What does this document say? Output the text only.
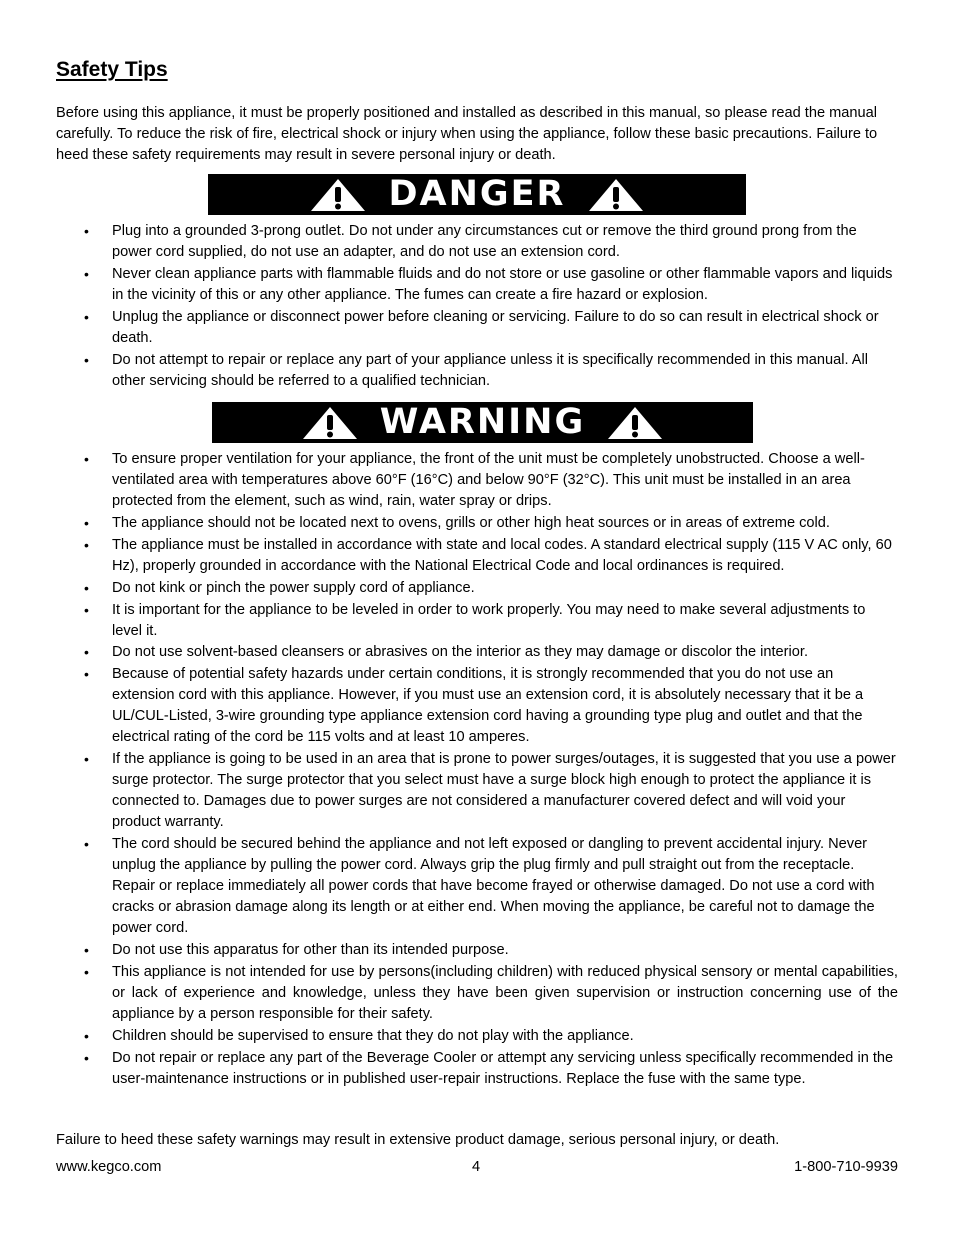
Safety Tips

Before using this appliance, it must be properly positioned and installed as described in this manual, so please read the manual carefully. To reduce the risk of fire, electrical shock or injury when using the appliance, follow these basic precautions. Failure to heed these safety requirements may result in severe personal injury or death.

DANGER
• Plug into a grounded 3-prong outlet. Do not under any circumstances cut or remove the third ground prong from the power cord supplied, do not use an adapter, and do not use an extension cord.
• Never clean appliance parts with flammable fluids and do not store or use gasoline or other flammable vapors and liquids in the vicinity of this or any other appliance. The fumes can create a fire hazard or explosion.
• Unplug the appliance or disconnect power before cleaning or servicing. Failure to do so can result in electrical shock or death.
• Do not attempt to repair or replace any part of your appliance unless it is specifically recommended in this manual. All other servicing should be referred to a qualified technician.
WARNING
• To ensure proper ventilation for your appliance, the front of the unit must be completely unobstructed. Choose a well-ventilated area with temperatures above 60°F (16°C) and below 90°F (32°C). This unit must be installed in an area protected from the element, such as wind, rain, water spray or drips.
• The appliance should not be located next to ovens, grills or other high heat sources or in areas of extreme cold.
• The appliance must be installed in accordance with state and local codes. A standard electrical supply (115 V AC only, 60 Hz), properly grounded in accordance with the National Electrical Code and local ordinances is required.
• Do not kink or pinch the power supply cord of appliance.
• It is important for the appliance to be leveled in order to work properly. You may need to make several adjustments to level it.
• Do not use solvent-based cleansers or abrasives on the interior as they may damage or discolor the interior.
• Because of potential safety hazards under certain conditions, it is strongly recommended that you do not use an extension cord with this appliance. However, if you must use an extension cord, it is absolutely necessary that it be a UL/CUL-Listed, 3-wire grounding type appliance extension cord having a grounding type plug and outlet and that the electrical rating of the cord be 115 volts and at least 10 amperes.
• If the appliance is going to be used in an area that is prone to power surges/outages, it is suggested that you use a power surge protector. The surge protector that you select must have a surge block high enough to protect the appliance it is connected to. Damages due to power surges are not considered a manufacturer covered defect and will void your product warranty.
• The cord should be secured behind the appliance and not left exposed or dangling to prevent accidental injury. Never unplug the appliance by pulling the power cord. Always grip the plug firmly and pull straight out from the receptacle. Repair or replace immediately all power cords that have become frayed or otherwise damaged. Do not use a cord with cracks or abrasion damage along its length or at either end. When moving the appliance, be careful not to damage the power cord.
• Do not use this apparatus for other than its intended purpose.
• This appliance is not intended for use by persons(including children) with reduced physical sensory or mental capabilities, or lack of experience and knowledge, unless they have been given supervision or instruction concerning use of the appliance by a person responsible for their safety.
• Children should be supervised to ensure that they do not play with the appliance.
• Do not repair or replace any part of the Beverage Cooler or attempt any servicing unless specifically recommended in the user-maintenance instructions or in published user-repair instructions. Replace the fuse with the same type.

Failure to heed these safety warnings may result in extensive product damage, serious personal injury, or death.

www.kegco.com	4	1-800-710-9939
